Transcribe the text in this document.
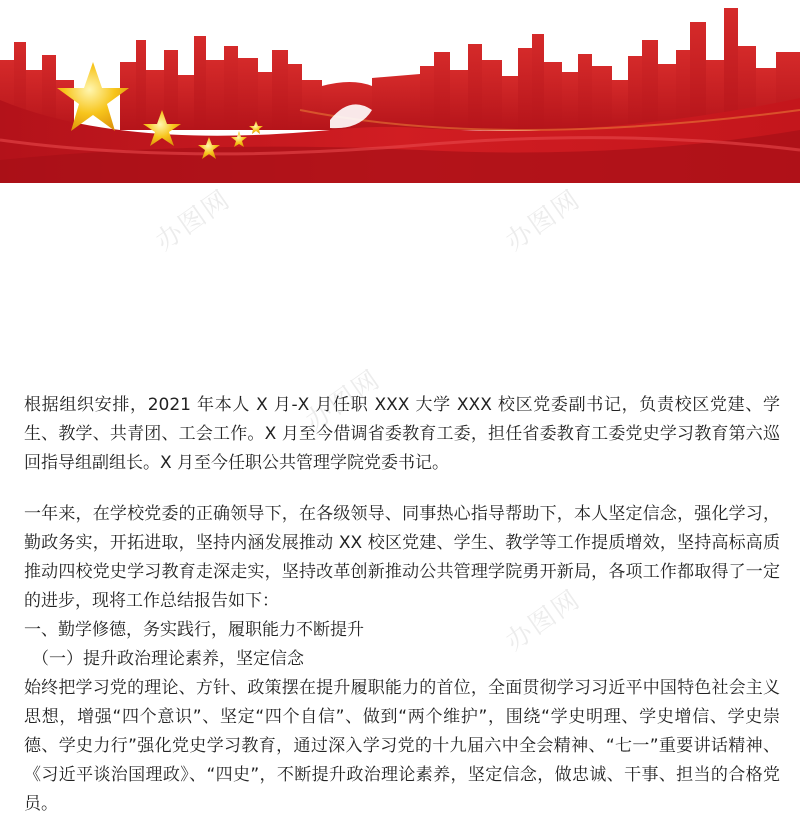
办图网	办图网
办图网
办图网

根据组织安排，2021 年本人 X 月-X 月任职 XXX 大学 XXX 校区党委副书记，负责校区党建、学生、教学、共青团、工会工作。X 月至今借调省委教育工委，担任省委教育工委党史学习教育第六巡回指导组副组长。X 月至今任职公共管理学院党委书记。

一年来，在学校党委的正确领导下，在各级领导、同事热心指导帮助下，本人坚定信念，强化学习，勤政务实，开拓进取，坚持内涵发展推动 XX 校区党建、学生、教学等工作提质增效，坚持高标高质推动四校党史学习教育走深走实，坚持改革创新推动公共管理学院勇开新局，各项工作都取得了一定的进步，现将工作总结报告如下：

一、勤学修德，务实践行，履职能力不断提升

（一）提升政治理论素养，坚定信念

始终把学习党的理论、方针、政策摆在提升履职能力的首位，全面贯彻学习习近平中国特色社会主义思想，增强“四个意识”、坚定“四个自信”、做到“两个维护”，围绕“学史明理、学史增信、学史崇德、学史力行”强化党史学习教育，通过深入学习党的十九届六中全会精神、“七一”重要讲话精神、《习近平谈治国理政》、“四史”，不断提升政治理论素养，坚定信念，做忠诚、干事、担当的合格党员。
